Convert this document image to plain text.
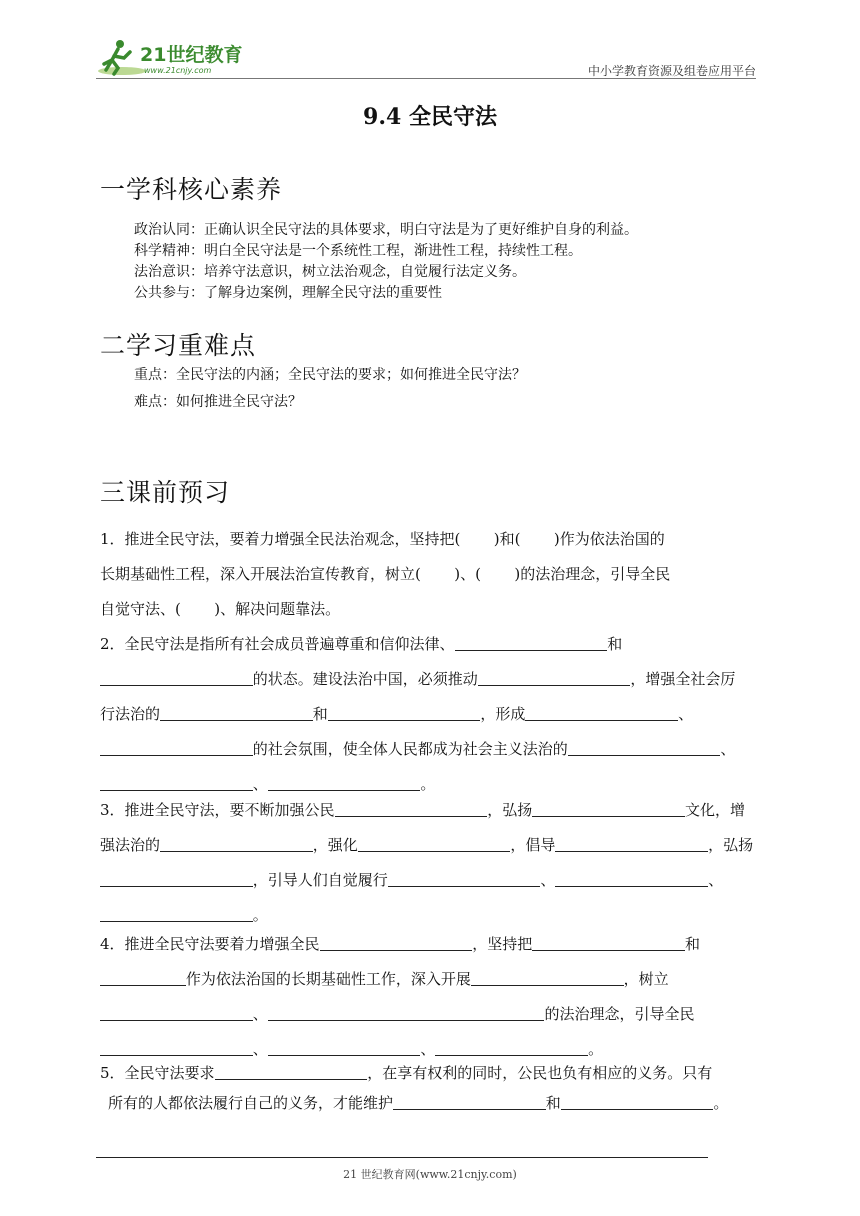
21世纪教育
www.21cnjy.com	中小学教育资源及组卷应用平台
9.4 全民守法
一学科核心素养
政治认同：正确认识全民守法的具体要求，明白守法是为了更好维护自身的利益。
科学精神：明白全民守法是一个系统性工程，渐进性工程，持续性工程。
法治意识：培养守法意识，树立法治观念，自觉履行法定义务。
公共参与：了解身边案例，理解全民守法的重要性
二学习重难点
重点：全民守法的内涵；全民守法的要求；如何推进全民守法？
难点：如何推进全民守法？
三课前预习
1．推进全民守法，要着力增强全民法治观念，坚持把( )和( )作为依法治国的
长期基础性工程，深入开展法治宣传教育，树立( )、( )的法治理念，引导全民
自觉守法、( )、解决问题靠法。
2．全民守法是指所有社会成员普遍尊重和信仰法律、	和
的状态。建设法治中国，必须推动	，增强全社会厉
行法治的	和	，形成	、
的社会氛围，使全体人民都成为社会主义法治的	、
、	。
3．推进全民守法，要不断加强公民	，弘扬	文化，增
强法治的	，强化	，倡导	，弘扬
，引导人们自觉履行	、	、
。
4．推进全民守法要着力增强全民	，坚持把	和
作为依法治国的长期基础性工作，深入开展	，树立
、	的法治理念，引导全民
、	、	。
5．全民守法要求	，在享有权利的同时，公民也负有相应的义务。只有
所有的人都依法履行自己的义务，才能维护	和	。
21 世纪教育网(www.21cnjy.com)
